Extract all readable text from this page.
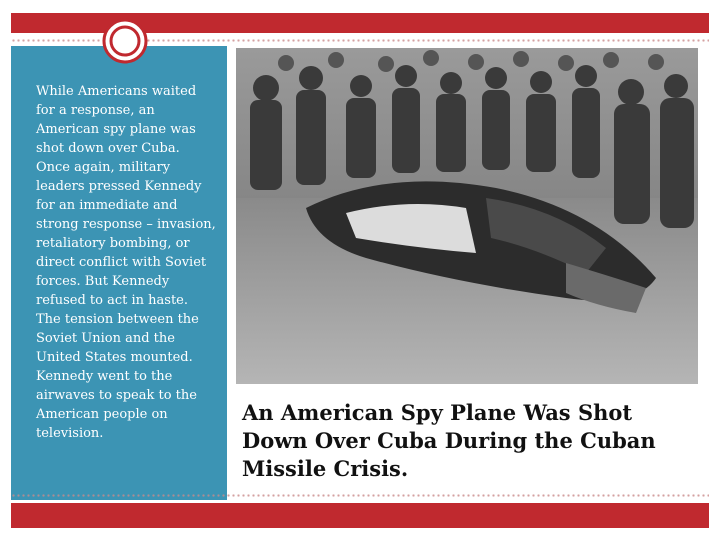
While Americans waited for a response, an American spy plane was shot down over Cuba. Once again, military leaders pressed Kennedy for an immediate and strong response – invasion, retaliatory bombing, or direct conflict with Soviet forces. But Kennedy refused to act in haste. The tension between the Soviet Union and the United States mounted. Kennedy went to the airwaves to speak to the American people on television.

An American Spy Plane Was Shot Down Over Cuba During the Cuban Missile Crisis.
